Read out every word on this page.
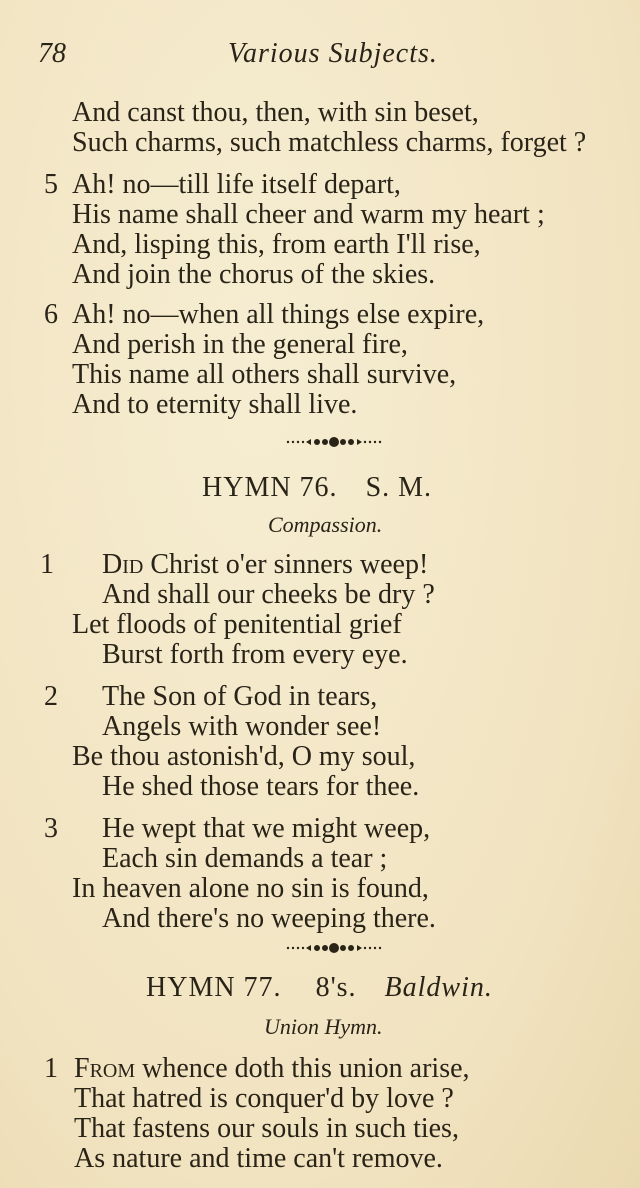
78	Various Subjects.
And canst thou, then, with sin beset,
Such charms, such matchless charms, forget ?
5 Ah! no—till life itself depart,
His name shall cheer and warm my heart ;
And, lisping this, from earth I'll rise,
And join the chorus of the skies.
6 Ah! no—when all things else expire,
And perish in the general fire,
This name all others shall survive,
And to eternity shall live.
HYMN 76. S. M.
Compassion.
1 Did Christ o'er sinners weep!
And shall our cheeks be dry ?
Let floods of penitential grief
Burst forth from every eye.
2 The Son of God in tears,
Angels with wonder see!
Be thou astonish'd, O my soul,
He shed those tears for thee.
3 He wept that we might weep,
Each sin demands a tear ;
In heaven alone no sin is found,
And there's no weeping there.
HYMN 77. 8's. Baldwin.
Union Hymn.
1 From whence doth this union arise,
That hatred is conquer'd by love ?
That fastens our souls in such ties,
As nature and time can't remove.
